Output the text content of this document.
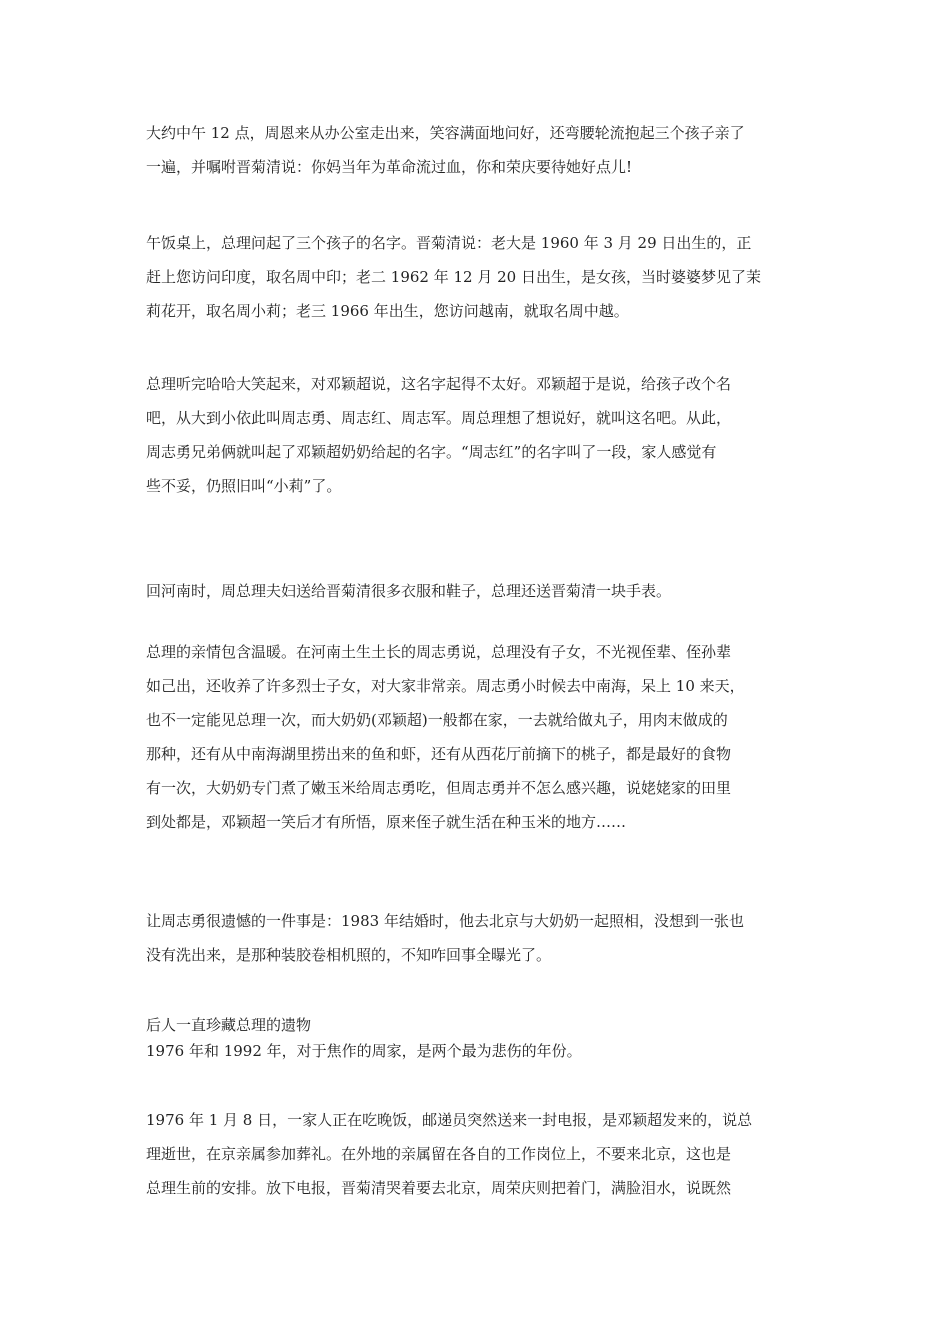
大约中午 12 点，周恩来从办公室走出来，笑容满面地问好，还弯腰轮流抱起三个孩子亲了
一遍，并嘱咐晋菊清说：你妈当年为革命流过血，你和荣庆要待她好点儿!
午饭桌上，总理问起了三个孩子的名字。晋菊清说：老大是 1960 年 3 月 29 日出生的，正
赶上您访问印度，取名周中印；老二 1962 年 12 月 20 日出生，是女孩，当时婆婆梦见了茉
莉花开，取名周小莉；老三 1966 年出生，您访问越南，就取名周中越。
总理听完哈哈大笑起来，对邓颖超说，这名字起得不太好。邓颖超于是说，给孩子改个名
吧，从大到小依此叫周志勇、周志红、周志军。周总理想了想说好，就叫这名吧。从此，
周志勇兄弟俩就叫起了邓颖超奶奶给起的名字。“周志红”的名字叫了一段，家人感觉有
些不妥，仍照旧叫“小莉”了。
回河南时，周总理夫妇送给晋菊清很多衣服和鞋子，总理还送晋菊清一块手表。
总理的亲情包含温暖。在河南土生土长的周志勇说，总理没有子女，不光视侄辈、侄孙辈
如己出，还收养了许多烈士子女，对大家非常亲。周志勇小时候去中南海，呆上 10 来天，
也不一定能见总理一次，而大奶奶(邓颖超)一般都在家，一去就给做丸子，用肉末做成的
那种，还有从中南海湖里捞出来的鱼和虾，还有从西花厅前摘下的桃子，都是最好的食物
有一次，大奶奶专门煮了嫩玉米给周志勇吃，但周志勇并不怎么感兴趣，说姥姥家的田里
到处都是，邓颖超一笑后才有所悟，原来侄子就生活在种玉米的地方……
让周志勇很遗憾的一件事是：1983 年结婚时，他去北京与大奶奶一起照相，没想到一张也
没有洗出来，是那种装胶卷相机照的，不知咋回事全曝光了。
后人一直珍藏总理的遗物
1976 年和 1992 年，对于焦作的周家，是两个最为悲伤的年份。
1976 年 1 月 8 日，一家人正在吃晚饭，邮递员突然送来一封电报，是邓颖超发来的，说总
理逝世，在京亲属参加葬礼。在外地的亲属留在各自的工作岗位上，不要来北京，这也是
总理生前的安排。放下电报，晋菊清哭着要去北京，周荣庆则把着门，满脸泪水，说既然
